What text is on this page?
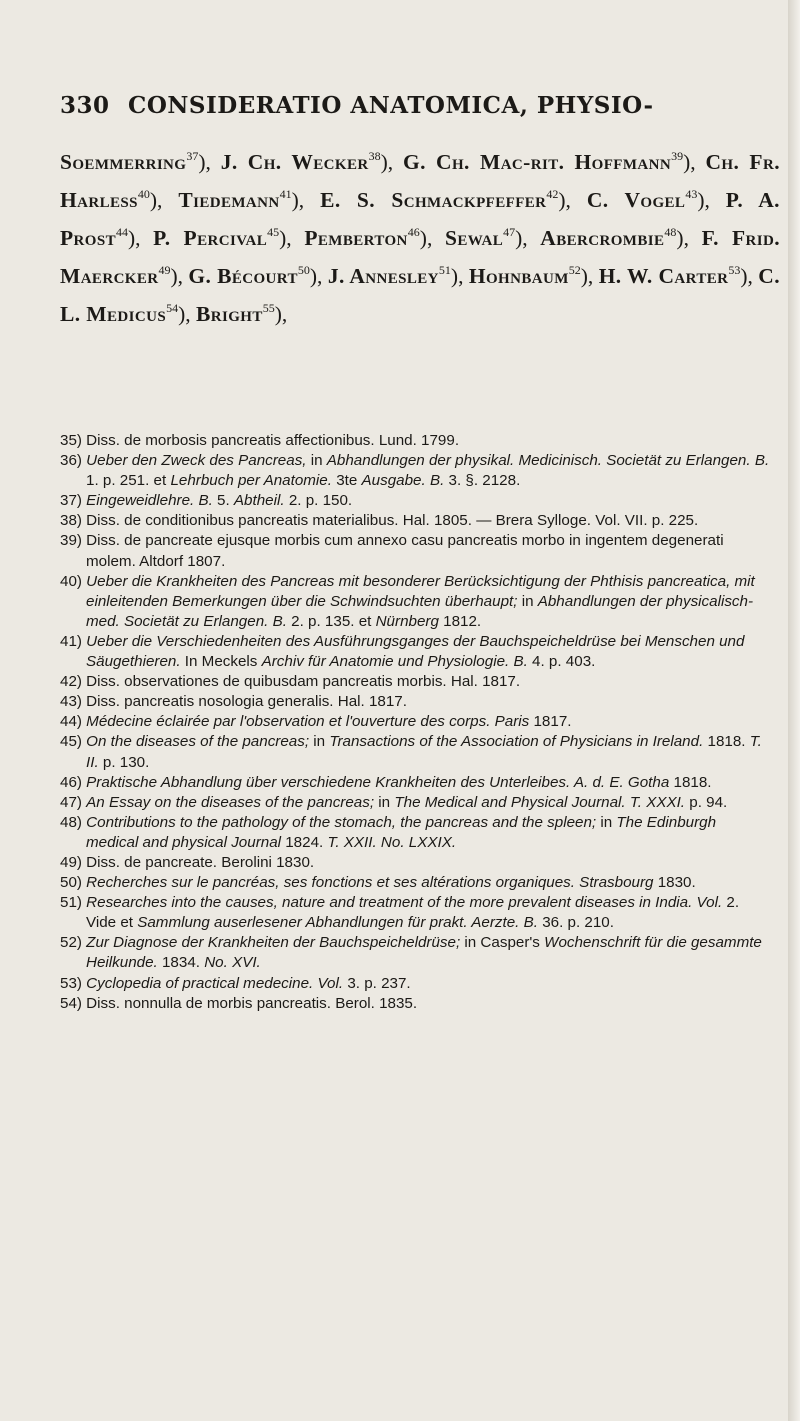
330 CONSIDERATIO ANATOMICA, PHYSIO-
Soemmerring$^{37}$), J. Ch. Wecker$^{38}$), G. Ch. Mac-rit. Hoffmann$^{39}$), Ch. Fr. Harless$^{40}$), Tiedemann$^{41}$), E. S. Schmackpfeffer$^{42}$), C. Vogel$^{43}$), P. A. Prost$^{44}$), P. Percival$^{45}$), Pemberton$^{46}$), Sewal$^{47}$), Abercrombie$^{48}$), F. Frid. Maercker$^{49}$), G. Bécourt$^{50}$), J. Annesley$^{51}$), Hohnbaum$^{52}$), H. W. Carter$^{53}$), C. L. Medicus$^{54}$), Bright$^{55}$),

35) Diss. de morbosis pancreatis affectionibus. Lund. 1799.

36) Ueber den Zweck des Pancreas, in Abhandlungen der physikal. Medicinisch. Societät zu Erlangen. B. 1. p. 251. et Lehrbuch per Anatomie. 3te Ausgabe. B. 3. §. 2128.

37) Eingeweidlehre. B. 5. Abtheil. 2. p. 150.

38) Diss. de conditionibus pancreatis materialibus. Hal. 1805. — Brera Sylloge. Vol. VII. p. 225.

39) Diss. de pancreate ejusque morbis cum annexo casu pancreatis morbo in ingentem degenerati molem. Altdorf 1807.

40) Ueber die Krankheiten des Pancreas mit besonderer Berücksichtigung der Phthisis pancreatica, mit einleitenden Bemerkungen über die Schwindsuchten überhaupt; in Abhandlungen der physicalisch-med. Societät zu Erlangen. B. 2. p. 135. et Nürnberg 1812.

41) Ueber die Verschiedenheiten des Ausführungsganges der Bauchspeicheldrüse bei Menschen und Säugethieren. In Meckels Archiv für Anatomie und Physiologie. B. 4. p. 403.

42) Diss. observationes de quibusdam pancreatis morbis. Hal. 1817.

43) Diss. pancreatis nosologia generalis. Hal. 1817.

44) Médecine éclairée par l'observation et l'ouverture des corps. Paris 1817.

45) On the diseases of the pancreas; in Transactions of the Association of Physicians in Ireland. 1818. T. II. p. 130.

46) Praktische Abhandlung über verschiedene Krankheiten des Unterleibes. A. d. E. Gotha 1818.

47) An Essay on the diseases of the pancreas; in The Medical and Physical Journal. T. XXXI. p. 94.

48) Contributions to the pathology of the stomach, the pancreas and the spleen; in The Edinburgh medical and physical Journal 1824. T. XXII. No. LXXIX.

49) Diss. de pancreate. Berolini 1830.

50) Recherches sur le pancréas, ses fonctions et ses altérations organiques. Strasbourg 1830.

51) Researches into the causes, nature and treatment of the more prevalent diseases in India. Vol. 2. Vide et Sammlung auserlesener Abhandlungen für prakt. Aerzte. B. 36. p. 210.

52) Zur Diagnose der Krankheiten der Bauchspeicheldrüse; in Casper's Wochenschrift für die gesammte Heilkunde. 1834. No. XVI.

53) Cyclopedia of practical medecine. Vol. 3. p. 237.

54) Diss. nonnulla de morbis pancreatis. Berol. 1835.
